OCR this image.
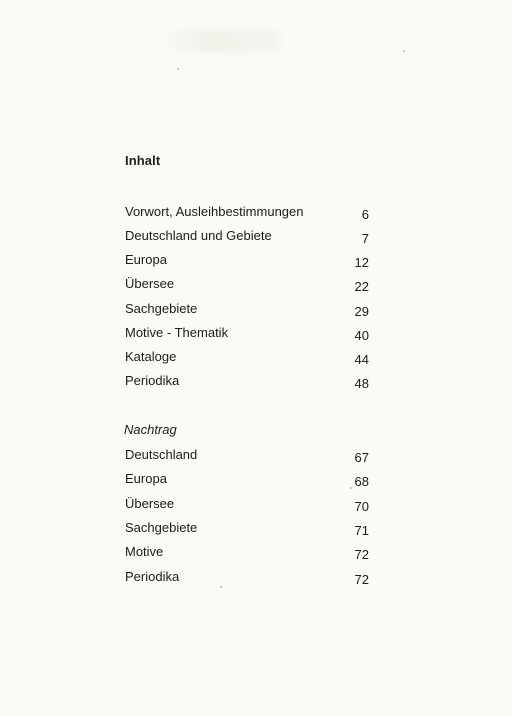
Inhalt
Vorwort, Ausleihbestimmungen	6
Deutschland und Gebiete	7
Europa	12
Übersee	22
Sachgebiete	29
Motive - Thematik	40
Kataloge	44
Periodika	48
Nachtrag
Deutschland	67
Europa	68
Übersee	70
Sachgebiete	71
Motive	72
Periodika	72
